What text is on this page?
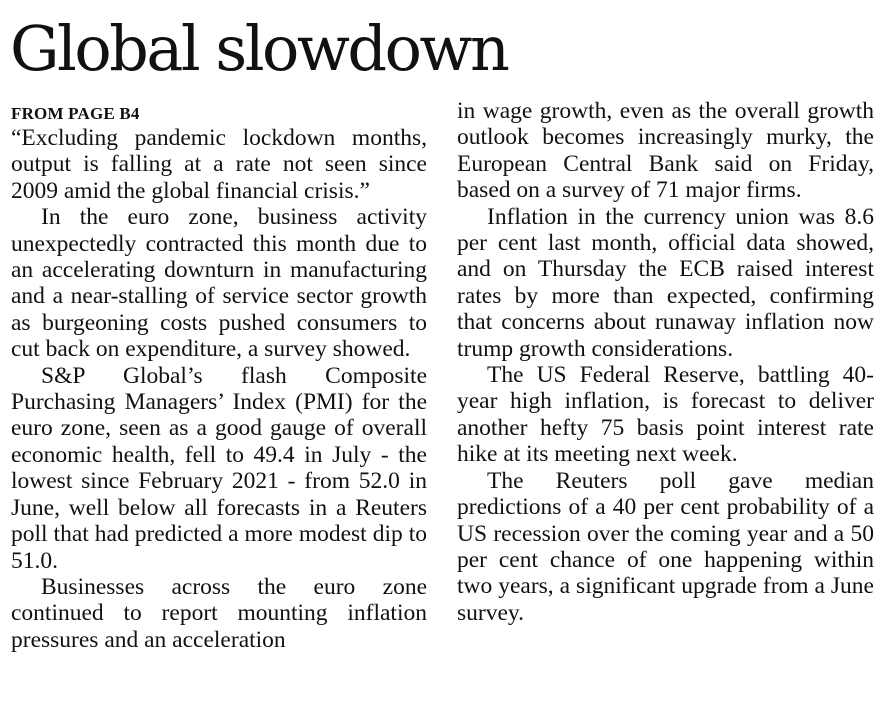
Global slowdown
FROM PAGE B4

“Excluding pandemic lockdown months, output is falling at a rate not seen since 2009 amid the global financial crisis.”

In the euro zone, business activity unexpectedly contracted this month due to an accelerating downturn in manufacturing and a near-stalling of service sector growth as burgeoning costs pushed consumers to cut back on expenditure, a survey showed.

S&P Global’s flash Composite Purchasing Managers’ Index (PMI) for the euro zone, seen as a good gauge of overall economic health, fell to 49.4 in July - the lowest since February 2021 - from 52.0 in June, well below all forecasts in a Reuters poll that had predicted a more modest dip to 51.0.

Businesses across the euro zone continued to report mounting inflation pressures and an acceleration

in wage growth, even as the overall growth outlook becomes increasingly murky, the European Central Bank said on Friday, based on a survey of 71 major firms.

Inflation in the currency union was 8.6 per cent last month, official data showed, and on Thursday the ECB raised interest rates by more than expected, confirming that concerns about runaway inflation now trump growth considerations.

The US Federal Reserve, battling 40-year high inflation, is forecast to deliver another hefty 75 basis point interest rate hike at its meeting next week.

The Reuters poll gave median predictions of a 40 per cent probability of a US recession over the coming year and a 50 per cent chance of one happening within two years, a significant upgrade from a June survey.
